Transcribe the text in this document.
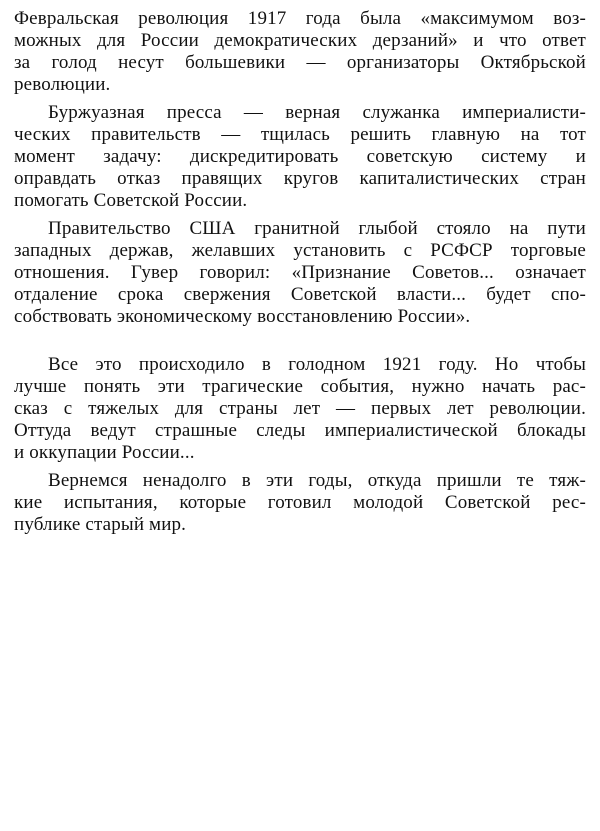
Февральская революция 1917 года была «максимумом воз-
можных для России демократических дерзаний» и что ответ
за голод несут большевики — организаторы Октябрьской
революции.

Буржуазная пресса — верная служанка империалисти-
ческих правительств — тщилась решить главную на тот
момент задачу: дискредитировать советскую систему и
оправдать отказ правящих кругов капиталистических стран
помогать Советской России.

Правительство США гранитной глыбой стояло на пути
западных держав, желавших установить с РСФСР торговые
отношения. Гувер говорил: «Признание Советов... означает
отдаление срока свержения Советской власти... будет спо-
собствовать экономическому восстановлению России».

Все это происходило в голодном 1921 году. Но чтобы
лучше понять эти трагические события, нужно начать рас-
сказ с тяжелых для страны лет — первых лет революции.
Оттуда ведут страшные следы империалистической блокады
и оккупации России...

Вернемся ненадолго в эти годы, откуда пришли те тяж-
кие испытания, которые готовил молодой Советской рес-
публике старый мир.
